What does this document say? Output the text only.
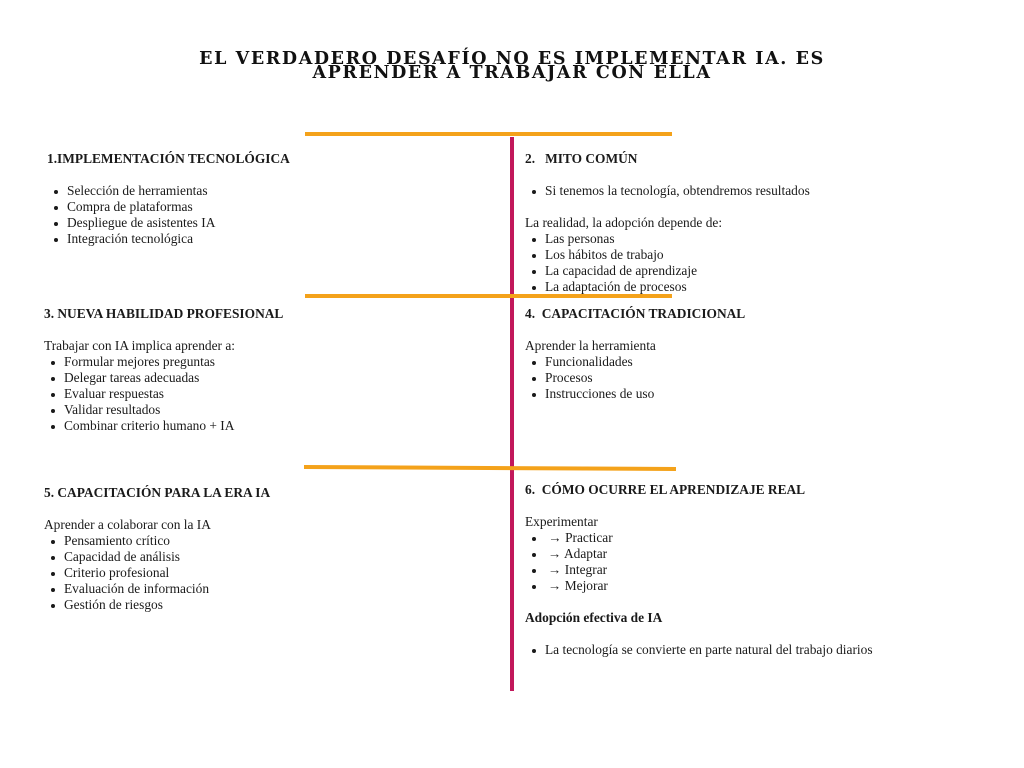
EL VERDADERO DESAFÍO NO ES IMPLEMENTAR IA. ES APRENDER A TRABAJAR CON ELLA
1.IMPLEMENTACIÓN TECNOLÓGICA
Selección de herramientas
Compra de plataformas
Despliegue de asistentes IA
Integración tecnológica
2.   MITO COMÚN
Si tenemos la tecnología, obtendremos resultados

La realidad, la adopción depende de:

Las personas
Los hábitos de trabajo
La capacidad de aprendizaje
La adaptación de procesos
3. NUEVA HABILIDAD PROFESIONAL

Trabajar con IA implica aprender a:

Formular mejores preguntas
Delegar tareas adecuadas
Evaluar respuestas
Validar resultados
Combinar criterio humano + IA
4.  CAPACITACIÓN TRADICIONAL

Aprender la herramienta

Funcionalidades
Procesos
Instrucciones de uso
5. CAPACITACIÓN PARA LA ERA IA

Aprender a colaborar con la IA

Pensamiento crítico
Capacidad de análisis
Criterio profesional
Evaluación de información
Gestión de riesgos
6.  CÓMO OCURRE EL APRENDIZAJE REAL

Experimentar

→ Practicar
→ Adaptar
→ Integrar
→ Mejorar
Adopción efectiva de IA
La tecnología se convierte en parte natural del trabajo diarios
